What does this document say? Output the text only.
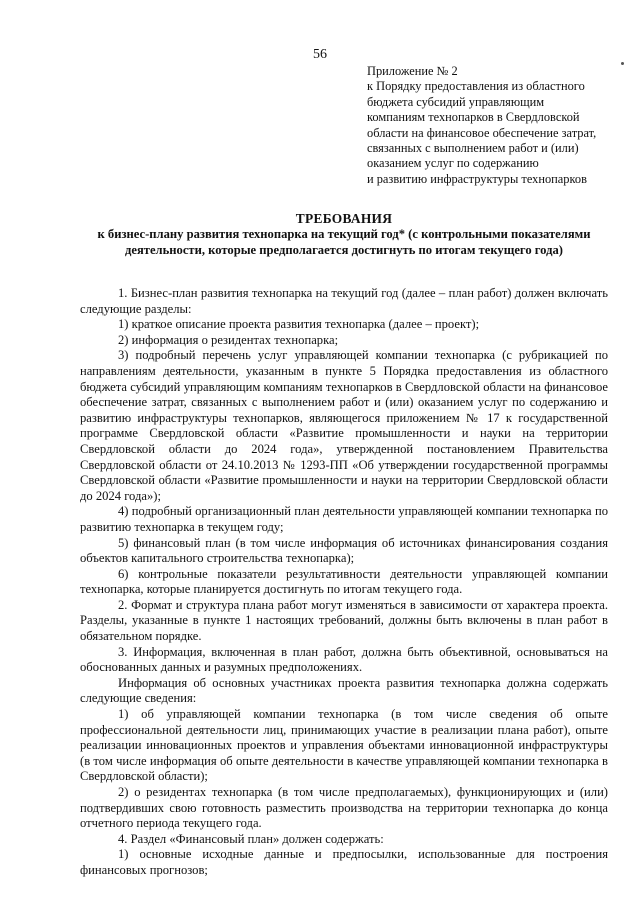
56
Приложение № 2
к Порядку предоставления из областного
бюджета субсидий управляющим
компаниям технопарков в Свердловской
области на финансовое обеспечение затрат,
связанных с выполнением работ и (или)
оказанием услуг по содержанию
и развитию инфраструктуры технопарков
ТРЕБОВАНИЯ
к бизнес-плану развития технопарка на текущий год* (с контрольными показателями деятельности, которые предполагается достигнуть по итогам текущего года)

1. Бизнес-план развития технопарка на текущий год (далее – план работ) должен включать следующие разделы:

1) краткое описание проекта развития технопарка (далее – проект);

2) информация о резидентах технопарка;

3) подробный перечень услуг управляющей компании технопарка (с рубрикацией по направлениям деятельности, указанным в пункте 5 Порядка предоставления из областного бюджета субсидий управляющим компаниям технопарков в Свердловской области на финансовое обеспечение затрат, связанных с выполнением работ и (или) оказанием услуг по содержанию и развитию инфраструктуры технопарков, являющегося приложением № 17 к государственной программе Свердловской области «Развитие промышленности и науки на территории Свердловской области до 2024 года», утвержденной постановлением Правительства Свердловской области от 24.10.2013 № 1293-ПП «Об утверждении государственной программы Свердловской области «Развитие промышленности и науки на территории Свердловской области до 2024 года»);

4) подробный организационный план деятельности управляющей компании технопарка по развитию технопарка в текущем году;

5) финансовый план (в том числе информация об источниках финансирования создания объектов капитального строительства технопарка);

6) контрольные показатели результативности деятельности управляющей компании технопарка, которые планируется достигнуть по итогам текущего года.

2. Формат и структура плана работ могут изменяться в зависимости от характера проекта. Разделы, указанные в пункте 1 настоящих требований, должны быть включены в план работ в обязательном порядке.

3. Информация, включенная в план работ, должна быть объективной, основываться на обоснованных данных и разумных предположениях.

Информация об основных участниках проекта развития технопарка должна содержать следующие сведения:

1) об управляющей компании технопарка (в том числе сведения об опыте профессиональной деятельности лиц, принимающих участие в реализации плана работ), опыте реализации инновационных проектов и управления объектами инновационной инфраструктуры (в том числе информация об опыте деятельности в качестве управляющей компании технопарка в Свердловской области);

2) о резидентах технопарка (в том числе предполагаемых), функционирующих и (или) подтвердивших свою готовность разместить производства на территории технопарка до конца отчетного периода текущего года.

4. Раздел «Финансовый план» должен содержать:

1) основные исходные данные и предпосылки, использованные для построения финансовых прогнозов;
